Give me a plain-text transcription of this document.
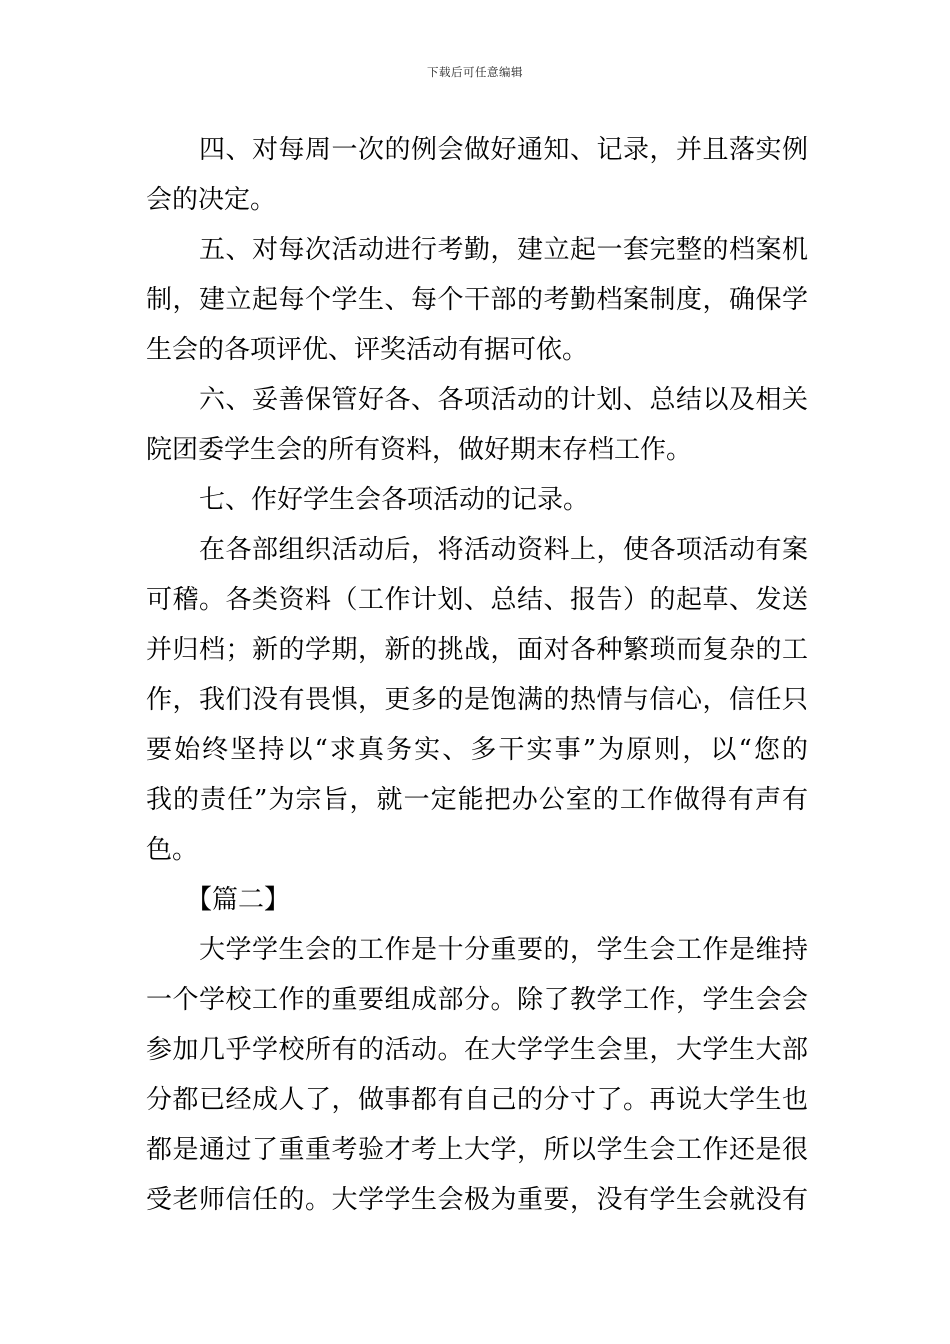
下载后可任意编辑
四、对每周一次的例会做好通知、记录，并且落实例
会的决定。
五、对每次活动进行考勤，建立起一套完整的档案机
制，建立起每个学生、每个干部的考勤档案制度，确保学
生会的各项评优、评奖活动有据可依。
六、妥善保管好各、各项活动的计划、总结以及相关
院团委学生会的所有资料，做好期末存档工作。
七、作好学生会各项活动的记录。
在各部组织活动后，将活动资料上，使各项活动有案
可稽。各类资料（工作计划、总结、报告）的起草、发送
并归档；新的学期，新的挑战，面对各种繁琐而复杂的工
作，我们没有畏惧，更多的是饱满的热情与信心，信任只
要始终坚持以“求真务实、多干实事”为原则，以“您的
我的责任”为宗旨，就一定能把办公室的工作做得有声有
色。
【篇二】
大学学生会的工作是十分重要的，学生会工作是维持
一个学校工作的重要组成部分。除了教学工作，学生会会
参加几乎学校所有的活动。在大学学生会里，大学生大部
分都已经成人了，做事都有自己的分寸了。再说大学生也
都是通过了重重考验才考上大学，所以学生会工作还是很
受老师信任的。大学学生会极为重要，没有学生会就没有
